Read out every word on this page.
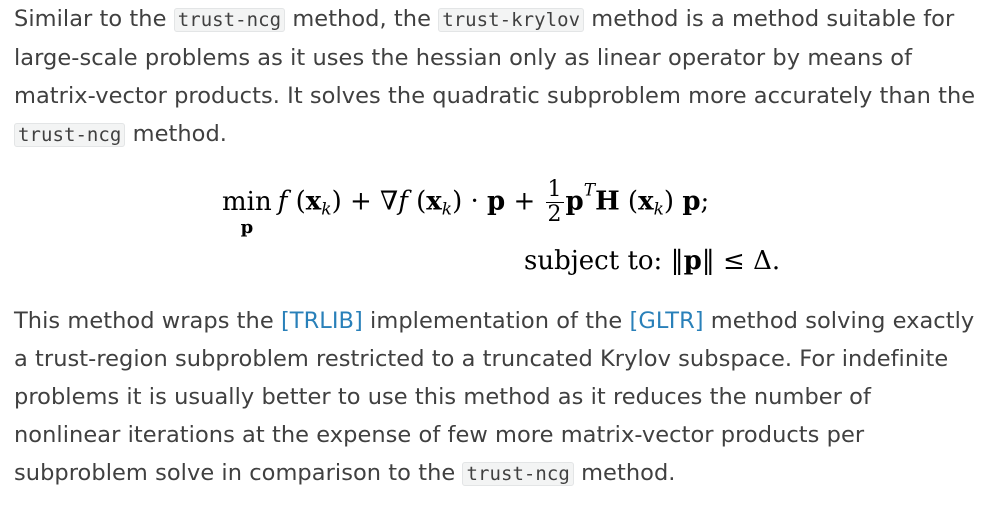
Similar to the trust-ncg method, the trust-krylov method is a method suitable for large-scale problems as it uses the hessian only as linear operator by means of matrix-vector products. It solves the quadratic subproblem more accurately than the trust-ncg method.

min
p
f $(x_k) + \nabla f$ $(x_k) \cdot p + \frac{1}{2} p^TH$ $(x_k)$ p;
subject to: ‖p‖ ≤ Δ.

This method wraps the [TRLIB] implementation of the [GLTR] method solving exactly a trust-region subproblem restricted to a truncated Krylov subspace. For indefinite problems it is usually better to use this method as it reduces the number of nonlinear iterations at the expense of few more matrix-vector products per subproblem solve in comparison to the trust-ncg method.
